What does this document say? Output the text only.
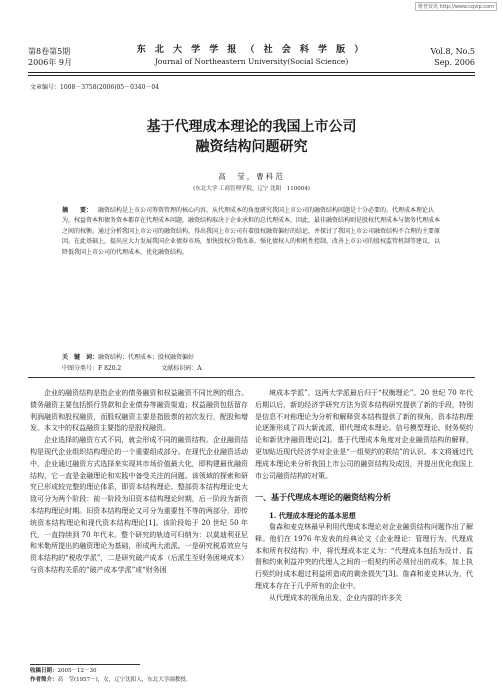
维普资讯 http://www.cqvip.com
第8卷第5期
2006年 9月
东 北 大 学 学 报 （ 社 会 科 学 版 ）
Journal of Northeastern University(Social Science)
Vol.8, No.5
Sep. 2006
文章编号：1008－3758(2006)05－0340－04
基于代理成本理论的我国上市公司
融资结构问题研究
高　莹，曹科范
(东北大学 工商管理学院，辽宁 沈阳　110004)
摘　　要： 融资结构是上市公司筹资管理的核心内容，从代理成本的角度研究我国上市公司的融资结构问题是十分必要的。代理成本理论认为，权益资本和债务资本都存在代理成本问题，融资结构取决于企业承担的总代理成本，因此，最佳融资结构则是股权代理成本与债务代理成本之间的权衡。通过分析我国上市公司的融资结构，得出我国上市公司有着股权融资偏好的结论，并探讨了我国上市公司融资结构不合理的主要原因。在此基础上，提出应大力发展我国企业债券市场，加快股权分置改革，强化债权人的相机性控制，改善上市公司的股权监管机制等建议，以降低我国上市公司的代理成本，优化融资结构。
关　键　词：融资结构；代理成本；股权融资偏好
中图分类号：F 820.2	文献标识码：A

企业的融资结构是指企业的债务融资和权益融资不同比例的组合。债务融资主要包括银行贷款和企业债券等融资渠道；权益融资包括留存利润融资和股权融资，而股权融资主要是指股票的初次发行，配股和增发。本文中的权益融资主要指的是股权融资。

企业选择的融资方式不同，就会形成不同的融资结构。企业融资结构是现代企业组织结构理论的一个重要组成部分。在现代企业融资活动中，企业通过融资方式选择来实现其市场价值最大化，即构建最优融资结构，它一直是金融理论和实践中备受关注的问题。该领域的探索和研究已形成较完整的理论体系，即资本结构理论。整部资本结构理论史大致可分为两个阶段：前一阶段为旧资本结构理论时期，后一阶段为新资本结构理论时期。旧资本结构理论又可分为重要性不等的两部分，即传统资本结构理论和现代资本结构理论[1]。该阶段始于 20 世纪 50 年代，一直持续到 70 年代末。整个研究的轨迹可归纳为：以莫迪利亚尼和米勒所提出的融资理论为基础，形成两大流派。一是研究税盾效应与资本结构的“税收学派”，二是研究破产成本（后派生至财务困境成本）与资本结构关系的“破产成本学派”或“财务困

境成本学派”，这两大学派最后归于“权衡理论”。20 世纪 70 年代后期以后，新的经济学研究方法为资本结构研究提供了新的手段，特别是信息不对称理论为分析和解释资本结构提供了新的视角，资本结构理论逐渐形成了四大新流派，即代理成本理论、信号模型理论、财务契约论和新优序融资理论[2]。基于代理成本角度对企业融资结构的解释，更加贴近现代经济学对企业是“一组契约的联结”的认识。本文将通过代理成本理论来分析我国上市公司的融资结构及成因，并提出优化我国上市公司融资结构的对策。

一、基于代理成本理论的融资结构分析

1. 代理成本理论的基本思想

詹森和麦克林最早利用代理成本理论对企业融资结构问题作出了解释。他们在 1976 年发表的经典论文《企业理论：管理行为、代理成本和所有权结构》中，将代理成本定义为：“代理成本包括为设计、监督和约束利益冲突的代理人之间的一组契约所必须付出的成本，加上执行契约时成本超过利益所造成的剩余损失”[3]。詹森和麦克林认为，代理成本存在于几乎所有的企业中。

从代理成本的视角出发，企业内部的许多关

收稿日期：2005－12－30
作者简介：高　莹(1957－)，女，辽宁沈阳人，东北大学副教授。
